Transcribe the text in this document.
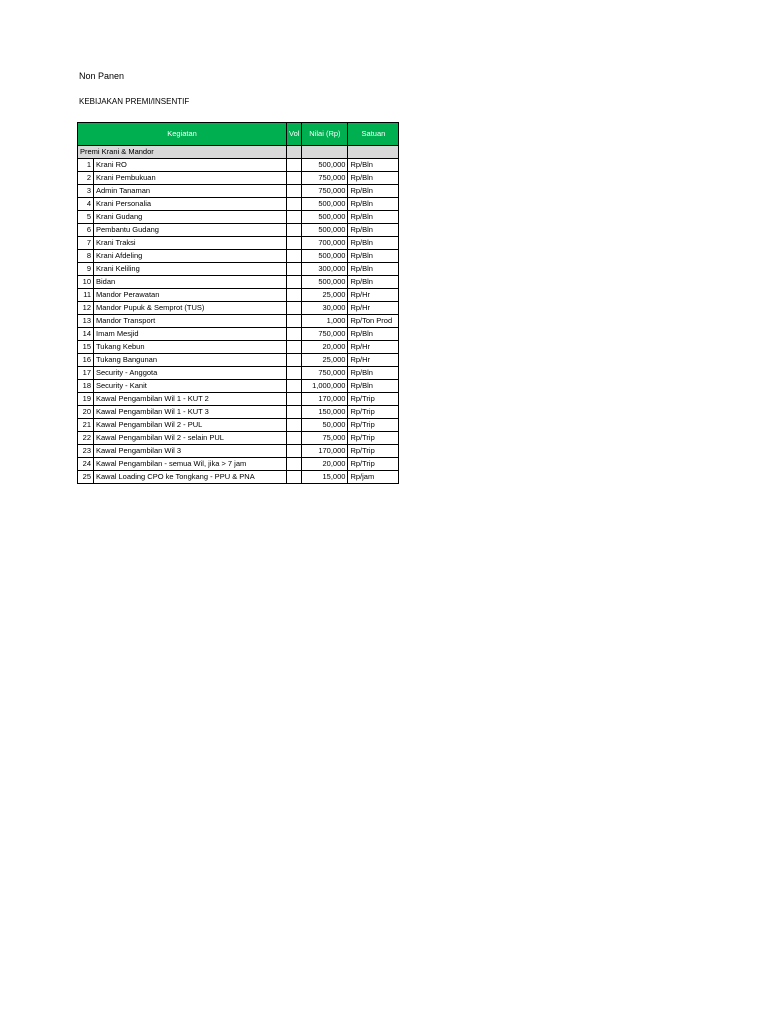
Non Panen
KEBIJAKAN PREMI/INSENTIF
Kegiatan		Vol	Nilai (Rp)	Satuan
Premi Krani & Mandor				
1	Krani RO		500,000	Rp/Bln
2	Krani Pembukuan		750,000	Rp/Bln
3	Admin Tanaman		750,000	Rp/Bln
4	Krani Personalia		500,000	Rp/Bln
5	Krani Gudang		500,000	Rp/Bln
6	Pembantu Gudang		500,000	Rp/Bln
7	Krani Traksi		700,000	Rp/Bln
8	Krani Afdeling		500,000	Rp/Bln
9	Krani Keliling		300,000	Rp/Bln
10	Bidan		500,000	Rp/Bln
11	Mandor Perawatan		25,000	Rp/Hr
12	Mandor Pupuk & Semprot (TUS)		30,000	Rp/Hr
13	Mandor Transport		1,000	Rp/Ton Prod
14	Imam Mesjid		750,000	Rp/Bln
15	Tukang Kebun		20,000	Rp/Hr
16	Tukang Bangunan		25,000	Rp/Hr
17	Security - Anggota		750,000	Rp/Bln
18	Security - Kanit		1,000,000	Rp/Bln
19	Kawal Pengambilan Wil 1 - KUT 2		170,000	Rp/Trip
20	Kawal Pengambilan Wil 1 - KUT 3		150,000	Rp/Trip
21	Kawal Pengambilan Wil 2 - PUL		50,000	Rp/Trip
22	Kawal Pengambilan Wil 2 - selain PUL		75,000	Rp/Trip
23	Kawal Pengambilan Wil 3		170,000	Rp/Trip
24	Kawal Pengambilan - semua Wil, jika > 7 jam		20,000	Rp/Trip
25	Kawal Loading CPO ke Tongkang - PPU & PNA		15,000	Rp/jam
